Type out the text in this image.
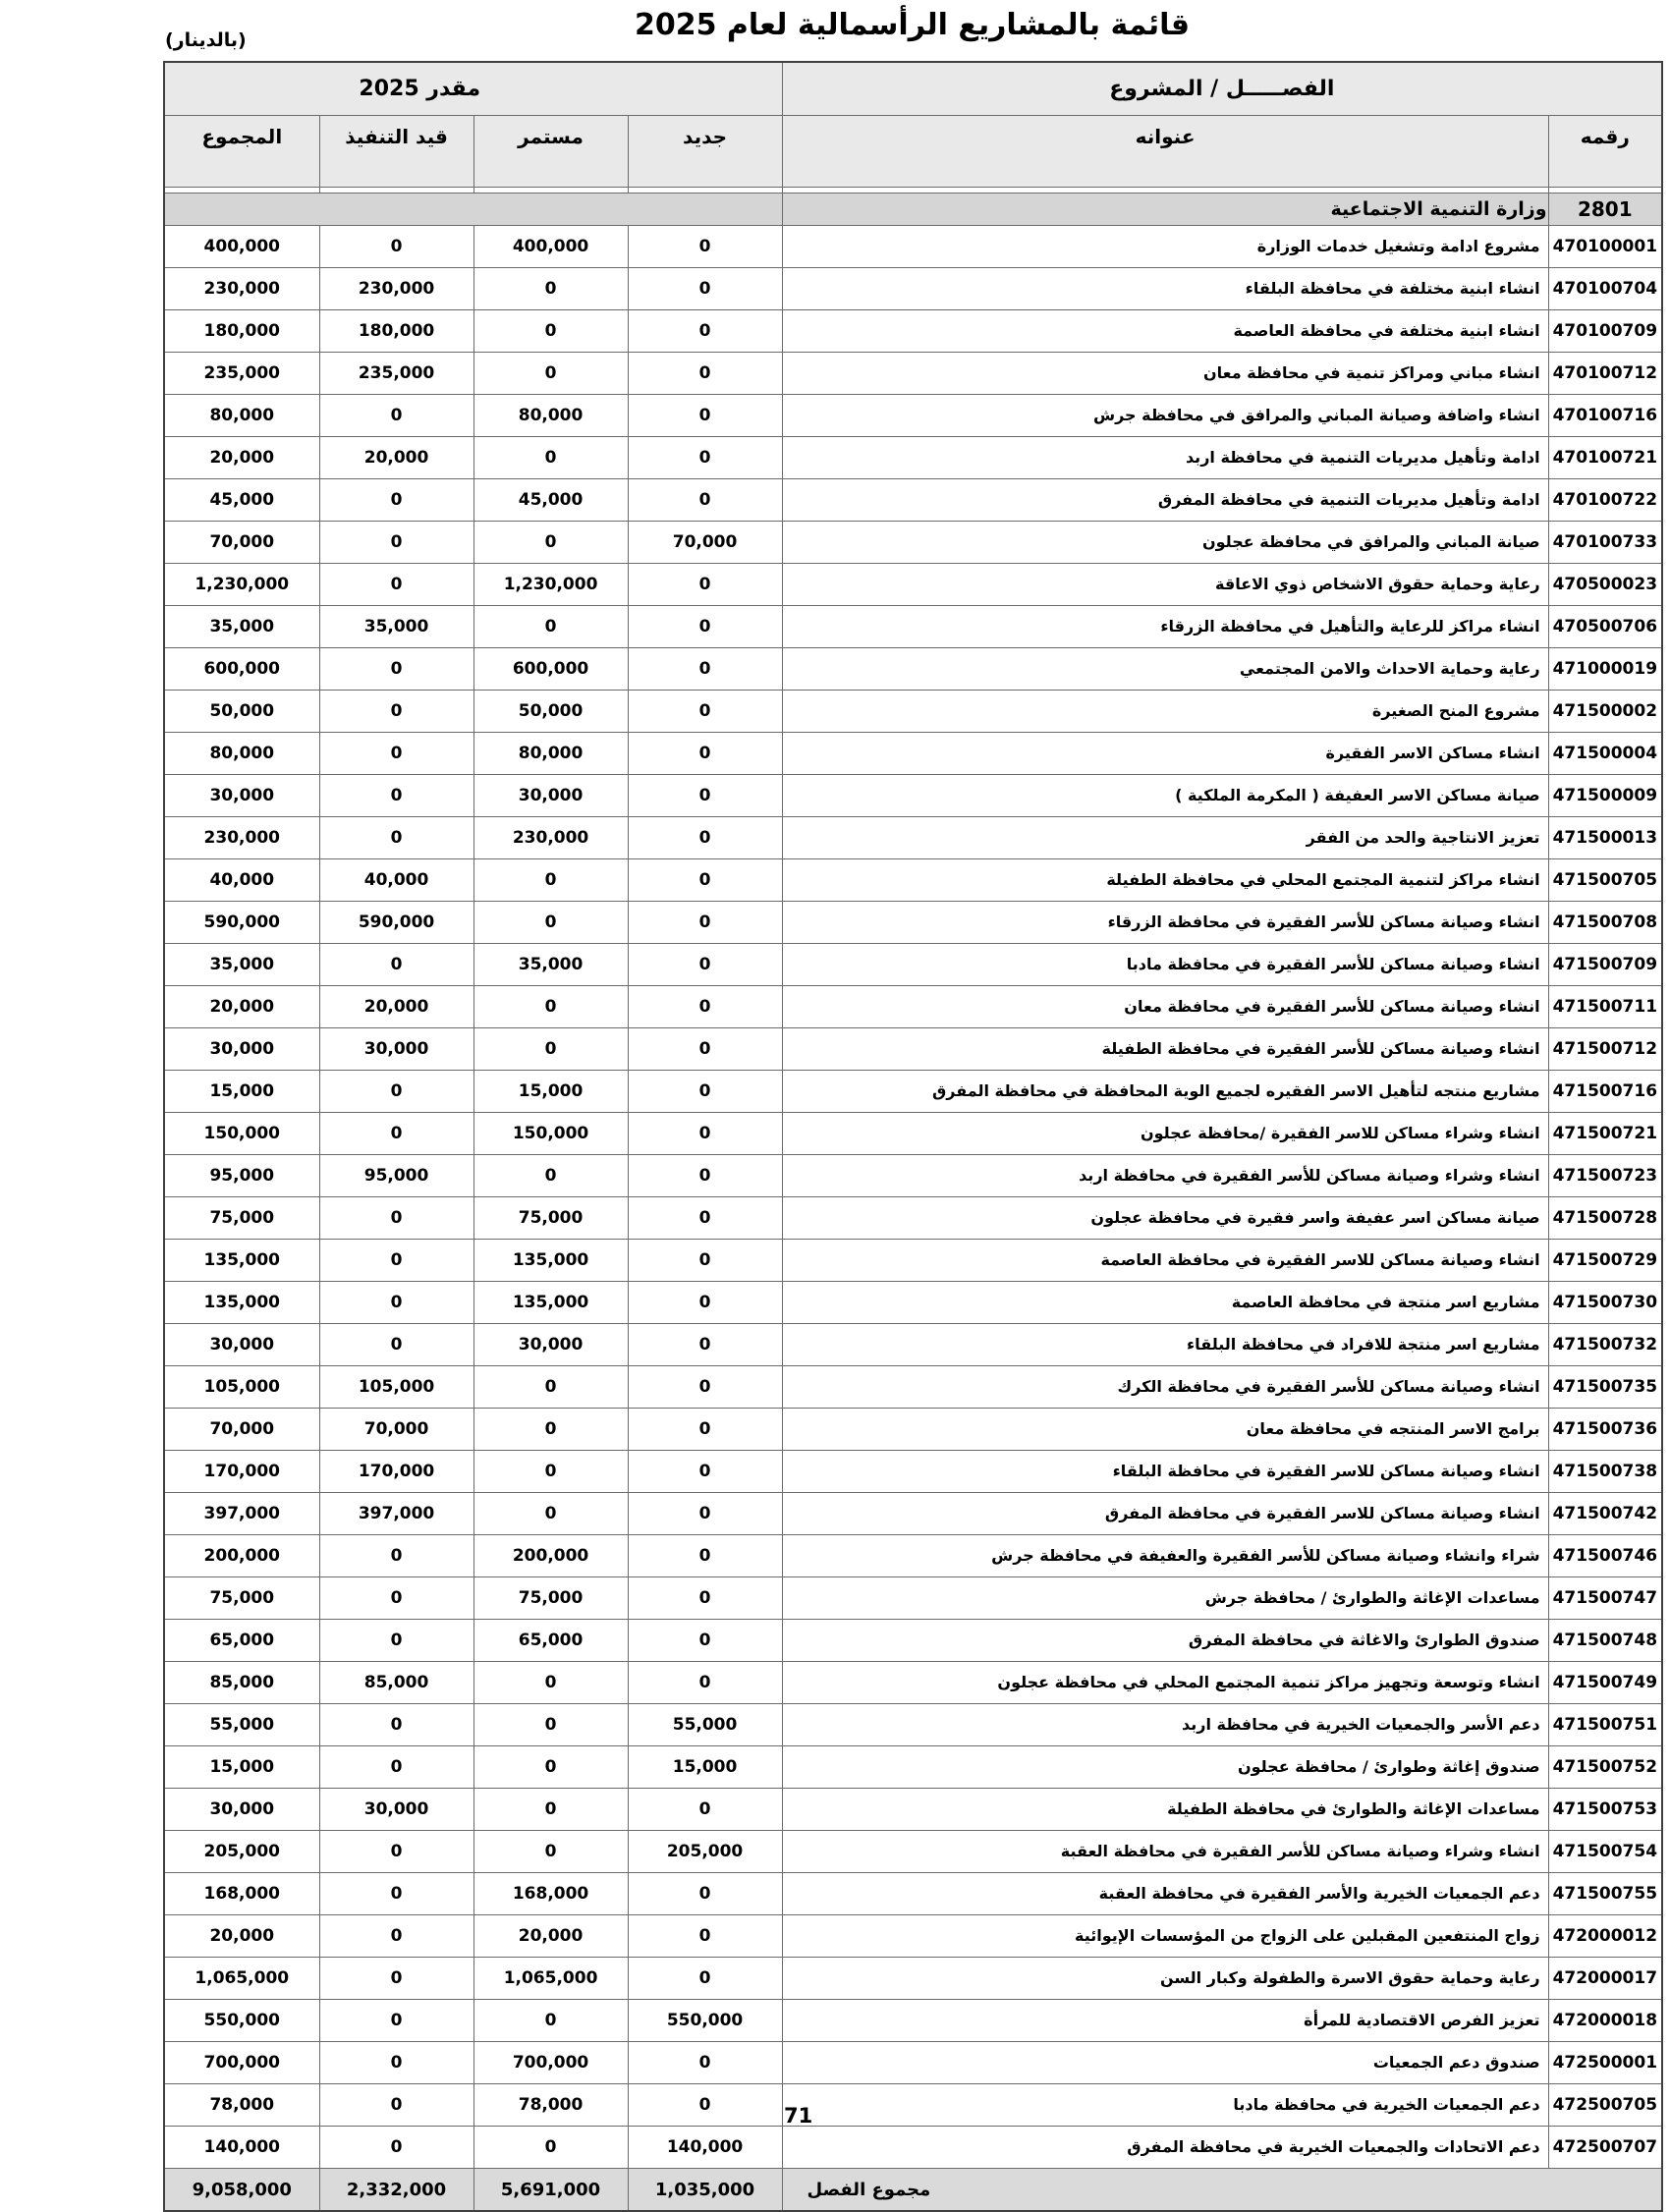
قائمة بالمشاريع الرأسمالية لعام 2025
(بالدينار)
الفصـــــل / المشروع		مقدر 2025			
رقمه	عنوانه	جديد	مستمر	قيد التنفيذ	المجموع

2801	وزارة التنمية الاجتماعية				
470100001	مشروع ادامة وتشغيل خدمات الوزارة	0	400,000	0	400,000
470100704	انشاء ابنية مختلفة في محافظة البلقاء	0	0	230,000	230,000
470100709	انشاء ابنية مختلفة في محافظة العاصمة	0	0	180,000	180,000
470100712	انشاء مباني ومراكز تنمية في محافظة معان	0	0	235,000	235,000
470100716	انشاء واضافة وصيانة المباني والمرافق في محافظة جرش	0	80,000	0	80,000
470100721	ادامة وتأهيل مديريات التنمية في محافظة اربد	0	0	20,000	20,000
470100722	ادامة وتأهيل مديريات التنمية في محافظة المفرق	0	45,000	0	45,000
470100733	صيانة المباني والمرافق في محافظة عجلون	70,000	0	0	70,000
470500023	رعاية وحماية حقوق الاشخاص ذوي الاعاقة	0	1,230,000	0	1,230,000
470500706	انشاء مراكز للرعاية والتأهيل في محافظة الزرقاء	0	0	35,000	35,000
471000019	رعاية وحماية الاحداث والامن المجتمعي	0	600,000	0	600,000
471500002	مشروع المنح الصغيرة	0	50,000	0	50,000
471500004	انشاء مساكن الاسر الفقيرة	0	80,000	0	80,000
471500009	صيانة مساكن الاسر العفيفة ( المكرمة الملكية )	0	30,000	0	30,000
471500013	تعزيز الانتاجية والحد من الفقر	0	230,000	0	230,000
471500705	انشاء مراكز لتنمية المجتمع المحلي في محافظة الطفيلة	0	0	40,000	40,000
471500708	انشاء وصيانة مساكن للأسر الفقيرة في محافظة الزرقاء	0	0	590,000	590,000
471500709	انشاء وصيانة مساكن للأسر الفقيرة في محافظة مادبا	0	35,000	0	35,000
471500711	انشاء وصيانة مساكن للأسر الفقيرة في محافظة معان	0	0	20,000	20,000
471500712	انشاء وصيانة مساكن للأسر الفقيرة في محافظة الطفيلة	0	0	30,000	30,000
471500716	مشاريع منتجه لتأهيل الاسر الفقيره لجميع الوية المحافظة في محافظة المفرق	0	15,000	0	15,000
471500721	انشاء وشراء مساكن للاسر الفقيرة /محافظة عجلون	0	150,000	0	150,000
471500723	انشاء وشراء وصيانة مساكن للأسر الفقيرة في محافظة اربد	0	0	95,000	95,000
471500728	صيانة مساكن اسر عفيفة واسر فقيرة في محافظة عجلون	0	75,000	0	75,000
471500729	انشاء وصيانة مساكن للاسر الفقيرة في محافظة العاصمة	0	135,000	0	135,000
471500730	مشاريع اسر منتجة في محافظة العاصمة	0	135,000	0	135,000
471500732	مشاريع اسر منتجة للافراد في محافظة البلقاء	0	30,000	0	30,000
471500735	انشاء وصيانة مساكن للأسر الفقيرة في محافظة الكرك	0	0	105,000	105,000
471500736	برامج الاسر المنتجه في محافظة معان	0	0	70,000	70,000
471500738	انشاء وصيانة مساكن للاسر الفقيرة في محافظة البلقاء	0	0	170,000	170,000
471500742	انشاء وصيانة مساكن للاسر الفقيرة في محافظة المفرق	0	0	397,000	397,000
471500746	شراء وانشاء وصيانة مساكن للأسر الفقيرة والعفيفة في محافظة جرش	0	200,000	0	200,000
471500747	مساعدات الإغاثة والطوارئ / محافظة جرش	0	75,000	0	75,000
471500748	صندوق الطوارئ والاغاثة في محافظة المفرق	0	65,000	0	65,000
471500749	انشاء وتوسعة وتجهيز مراكز تنمية المجتمع المحلي في محافظة عجلون	0	0	85,000	85,000
471500751	دعم الأسر والجمعيات الخيرية في محافظة اربد	55,000	0	0	55,000
471500752	صندوق إغاثة وطوارئ / محافظة عجلون	15,000	0	0	15,000
471500753	مساعدات الإغاثة والطوارئ في محافظة الطفيلة	0	0	30,000	30,000
471500754	انشاء وشراء وصيانة مساكن للأسر الفقيرة في محافظة العقبة	205,000	0	0	205,000
471500755	دعم الجمعيات الخيرية والأسر الفقيرة في محافظة العقبة	0	168,000	0	168,000
472000012	زواج المنتفعين المقبلين على الزواج من المؤسسات الإيوائية	0	20,000	0	20,000
472000017	رعاية وحماية حقوق الاسرة والطفولة وكبار السن	0	1,065,000	0	1,065,000
472000018	تعزيز الفرص الاقتصادية للمرأة	550,000	0	0	550,000
472500001	صندوق دعم الجمعيات	0	700,000	0	700,000
472500705	دعم الجمعيات الخيرية في محافظة مادبا	0	78,000	0	78,000
472500707	دعم الاتحادات والجمعيات الخيرية في محافظة المفرق	140,000	0	0	140,000
مجموع الفصل		1,035,000	5,691,000	2,332,000	9,058,000
71
